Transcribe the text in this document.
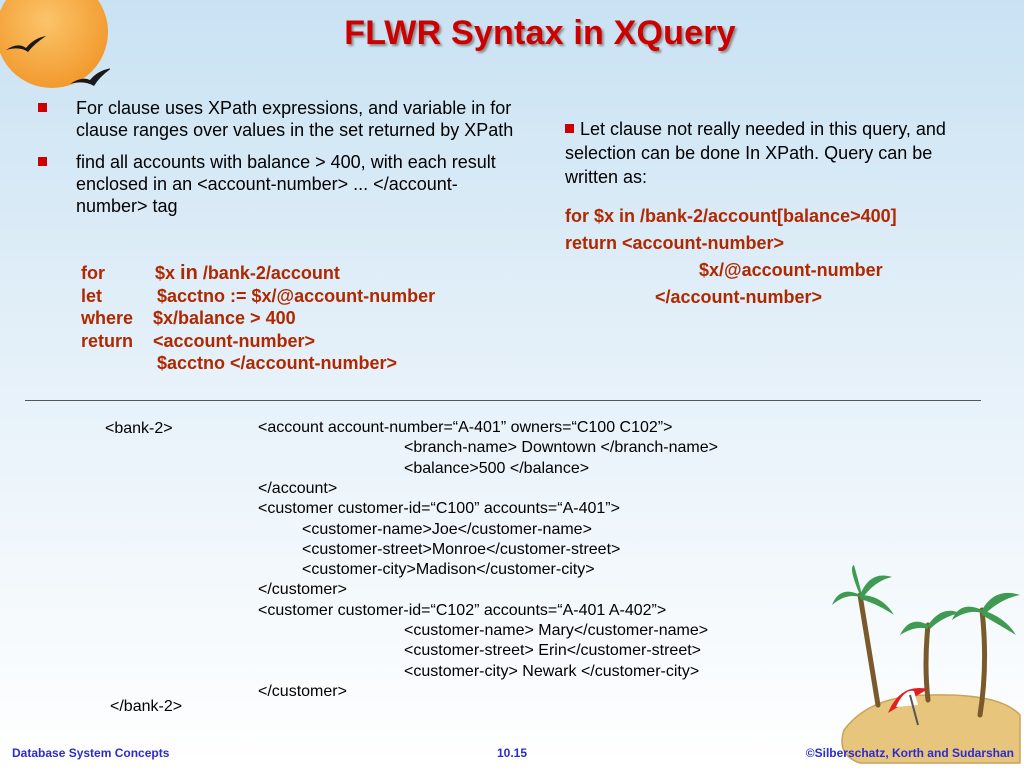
FLWR Syntax in XQuery
For clause uses XPath expressions, and variable in for clause ranges over values in the set returned by XPath
find all accounts with balance > 400, with each result enclosed in an <account-number> ... </account-number> tag
for	$x in /bank-2/account
let	$acctno := $x/@account-number
where $x/balance > 400
return <account-number>
$acctno </account-number>
Let clause not really needed in this query, and selection can be done In XPath. Query can be written as:
for $x in /bank-2/account[balance>400]
return <account-number>
$x/@account-number
</account-number>
<bank-2>	<account account-number=“A-401” owners=“C100 C102”>
<branch-name> Downtown </branch-name>
<balance>500 </balance>
</account>
<customer customer-id=“C100” accounts=“A-401”>
<customer-name>Joe</customer-name>
<customer-street>Monroe</customer-street>
<customer-city>Madison</customer-city>
</customer>
<customer customer-id=“C102” accounts=“A-401 A-402”>
<customer-name> Mary</customer-name>
<customer-street> Erin</customer-street>
<customer-city> Newark </customer-city>
</customer>
</bank-2>
Database System Concepts	10.15	©Silberschatz, Korth and Sudarshan
